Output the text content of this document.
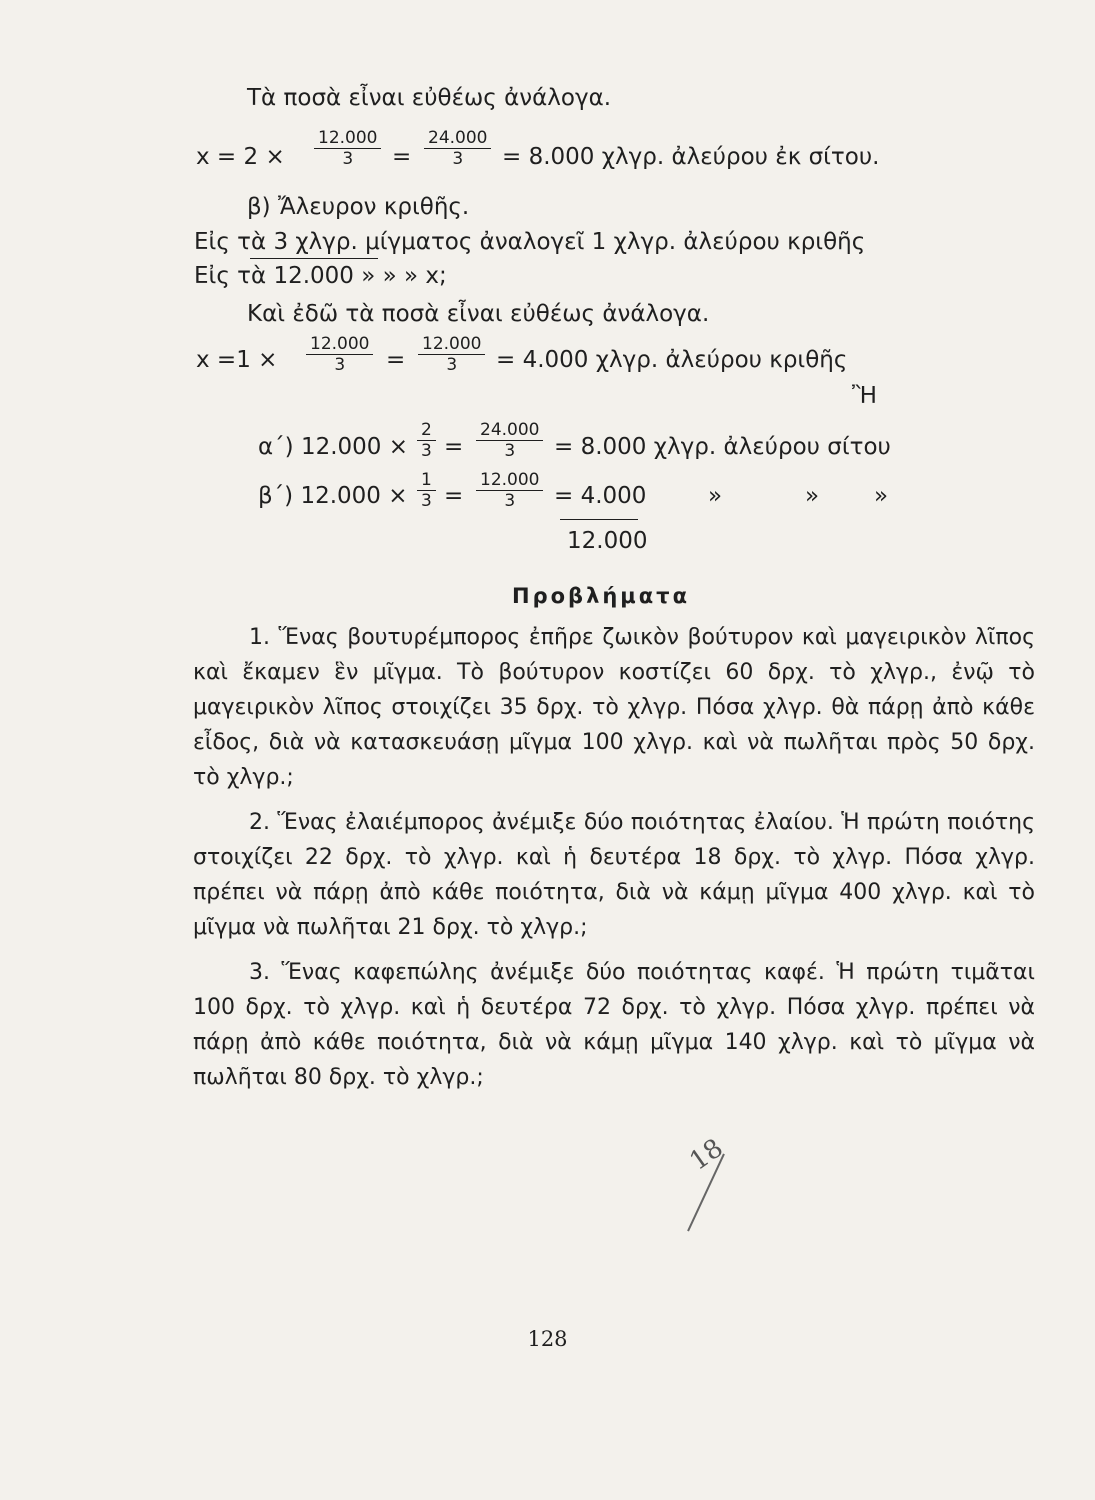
Τὰ ποσὰ εἶναι εὐθέως ἀνάλογα.
$x = 2 \times \frac{12.000}{3} = \frac{24.000}{3} = 8.000$ χλγρ. ἀλεύρου ἐκ σίτου.
β) Ἄλευρον κριθῆς.
Εἰς τὰ 3 χλγρ. μίγματος ἀναλογεῖ 1 χλγρ. ἀλεύρου κριθῆς
Εἰς τὰ 12.000 » » » x;
Καὶ ἐδῶ τὰ ποσὰ εἶναι εὐθέως ἀνάλογα.
$x =1 \times \frac{12.000}{3} = \frac{12.000}{3} = 4.000$ χλγρ. ἀλεύρου κριθῆς
Ἢ
α΄) $12.000 \times \frac{2}{3} = \frac{24.000}{3} = 8.000$ χλγρ. ἀλεύρου σίτου
β΄) $12.000 \times \frac{1}{3} = \frac{12.000}{3} = 4.000$	»	» »
12.000
Προβλήματα

1. Ἕνας βουτυρέμπορος ἐπῆρε ζωικὸν βούτυρον καὶ μαγειρικὸν λῖπος καὶ ἔκαμεν ἓν μῖγμα. Τὸ βούτυρον κοστίζει 60 δρχ. τὸ χλγρ., ἐνῷ τὸ μαγειρικὸν λῖπος στοιχίζει 35 δρχ. τὸ χλγρ. Πόσα χλγρ. θὰ πάρῃ ἀπὸ κάθε εἶδος, διὰ νὰ κατασκευάσῃ μῖγμα 100 χλγρ. καὶ νὰ πωλῆται πρὸς 50 δρχ. τὸ χλγρ.;

2. Ἕνας ἐλαιέμπορος ἀνέμιξε δύο ποιότητας ἐλαίου. Ἡ πρώτη ποιότης στοιχίζει 22 δρχ. τὸ χλγρ. καὶ ἡ δευτέρα 18 δρχ. τὸ χλγρ. Πόσα χλγρ. πρέπει νὰ πάρῃ ἀπὸ κάθε ποιότητα, διὰ νὰ κάμῃ μῖγμα 400 χλγρ. καὶ τὸ μῖγμα νὰ πωλῆται 21 δρχ. τὸ χλγρ.;

3. Ἕνας καφεπώλης ἀνέμιξε δύο ποιότητας καφέ. Ἡ πρώτη τιμᾶται 100 δρχ. τὸ χλγρ. καὶ ἡ δευτέρα 72 δρχ. τὸ χλγρ. Πόσα χλγρ. πρέπει νὰ πάρῃ ἀπὸ κάθε ποιότητα, διὰ νὰ κάμῃ μῖγμα 140 χλγρ. καὶ τὸ μῖγμα νὰ πωλῆται 80 δρχ. τὸ χλγρ.;

18
128
